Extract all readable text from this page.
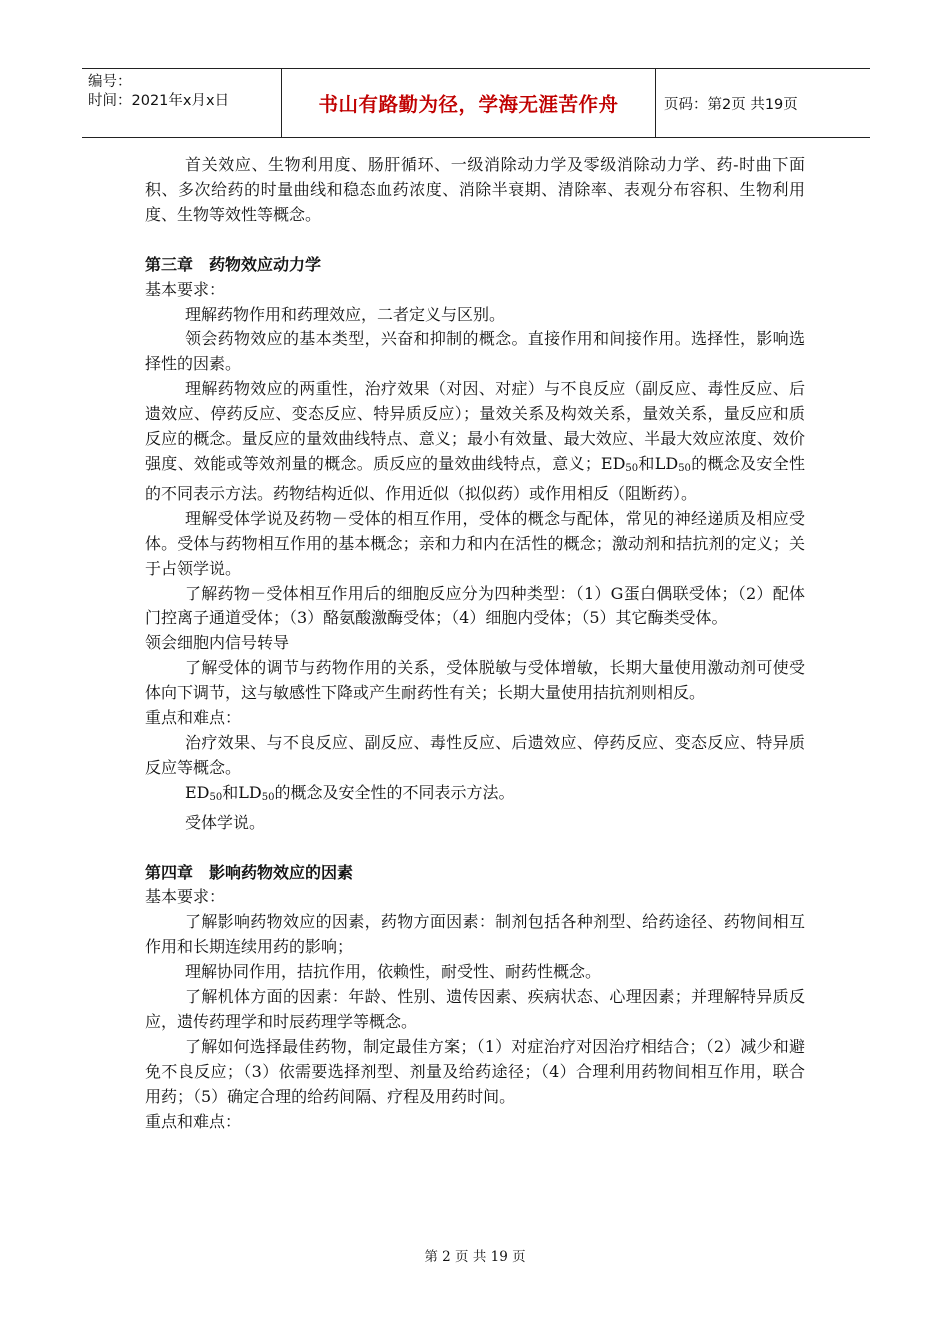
编号：
时间：2021年x月x日	书山有路勤为径，学海无涯苦作舟	页码：第2页 共19页

首关效应、生物利用度、肠肝循环、一级消除动力学及零级消除动力学、药-时曲下面积、多次给药的时量曲线和稳态血药浓度、消除半衰期、清除率、表观分布容积、生物利用度、生物等效性等概念。

第三章　药物效应动力学

基本要求：

理解药物作用和药理效应，二者定义与区别。

领会药物效应的基本类型，兴奋和抑制的概念。直接作用和间接作用。选择性，影响选择性的因素。

理解药物效应的两重性，治疗效果（对因、对症）与不良反应（副反应、毒性反应、后遗效应、停药反应、变态反应、特异质反应）；量效关系及构效关系，量效关系，量反应和质反应的概念。量反应的量效曲线特点、意义；最小有效量、最大效应、半最大效应浓度、效价强度、效能或等效剂量的概念。质反应的量效曲线特点，意义；$ED_{50}$和$LD_{50}$的概念及安全性的不同表示方法。药物结构近似、作用近似（拟似药）或作用相反（阻断药）。

理解受体学说及药物－受体的相互作用，受体的概念与配体，常见的神经递质及相应受体。受体与药物相互作用的基本概念；亲和力和内在活性的概念；激动剂和拮抗剂的定义；关于占领学说。

了解药物－受体相互作用后的细胞反应分为四种类型：（1）G蛋白偶联受体；（2）配体门控离子通道受体；（3）酪氨酸激酶受体；（4）细胞内受体；（5）其它酶类受体。

领会细胞内信号转导

了解受体的调节与药物作用的关系，受体脱敏与受体增敏，长期大量使用激动剂可使受体向下调节，这与敏感性下降或产生耐药性有关；长期大量使用拮抗剂则相反。

重点和难点：

治疗效果、与不良反应、副反应、毒性反应、后遗效应、停药反应、变态反应、特异质反应等概念。

$ED_{50}$和$LD_{50}$的概念及安全性的不同表示方法。

受体学说。

第四章　影响药物效应的因素

基本要求：

了解影响药物效应的因素，药物方面因素：制剂包括各种剂型、给药途径、药物间相互作用和长期连续用药的影响；

理解协同作用，拮抗作用，依赖性，耐受性、耐药性概念。

了解机体方面的因素：年龄、性别、遗传因素、疾病状态、心理因素；并理解特异质反应，遗传药理学和时辰药理学等概念。

了解如何选择最佳药物，制定最佳方案；（1）对症治疗对因治疗相结合；（2）减少和避免不良反应；（3）依需要选择剂型、剂量及给药途径；（4）合理利用药物间相互作用，联合用药；（5）确定合理的给药间隔、疗程及用药时间。

重点和难点：

第 2 页 共 19 页
